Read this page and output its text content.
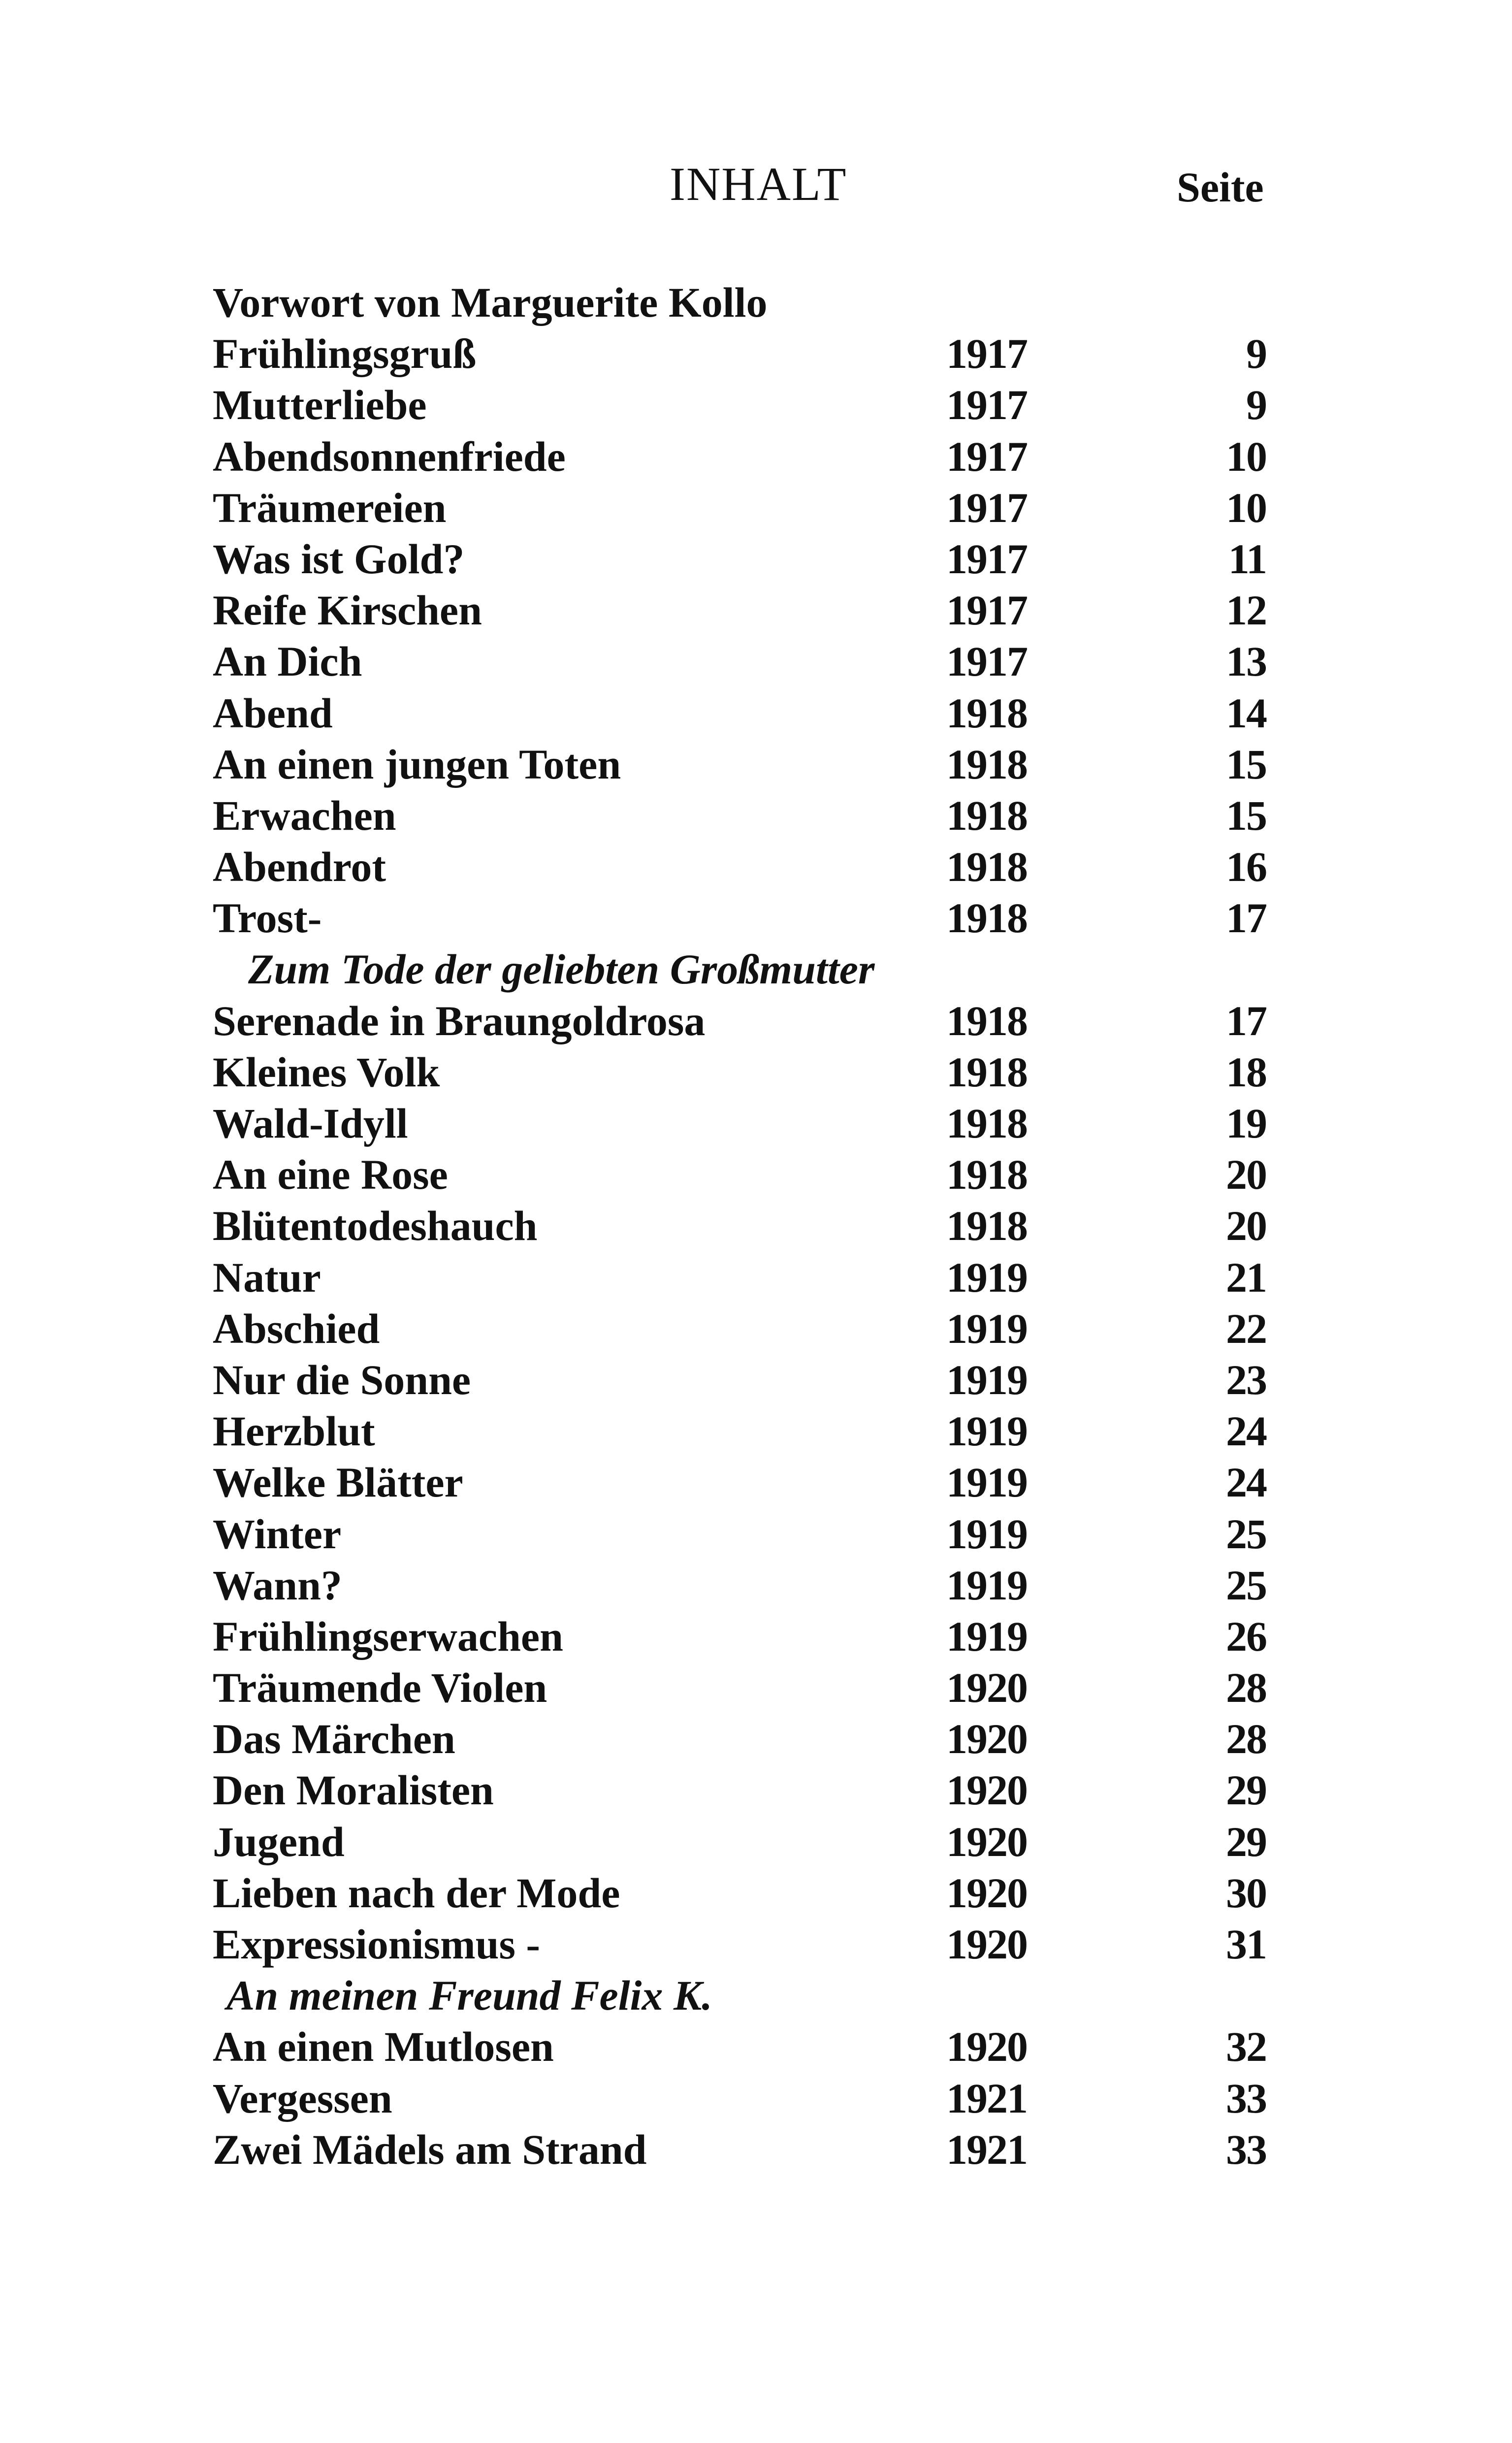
INHALT	Seite
Vorwort von Marguerite Kollo
Frühlingsgruß	1917	9
Mutterliebe	1917	9
Abendsonnenfriede	1917	10
Träumereien	1917	10
Was ist Gold?	1917	11
Reife Kirschen	1917	12
An Dich	1917	13
Abend	1918	14
An einen jungen Toten	1918	15
Erwachen	1918	15
Abendrot	1918	16
Trost-	1918	17
Zum Tode der geliebten Großmutter
Serenade in Braungoldrosa	1918	17
Kleines Volk	1918	18
Wald-Idyll	1918	19
An eine Rose	1918	20
Blütentodeshauch	1918	20
Natur	1919	21
Abschied	1919	22
Nur die Sonne	1919	23
Herzblut	1919	24
Welke Blätter	1919	24
Winter	1919	25
Wann?	1919	25
Frühlingserwachen	1919	26
Träumende Violen	1920	28
Das Märchen	1920	28
Den Moralisten	1920	29
Jugend	1920	29
Lieben nach der Mode	1920	30
Expressionismus -	1920	31
An meinen Freund Felix K.
An einen Mutlosen	1920	32
Vergessen	1921	33
Zwei Mädels am Strand	1921	33
